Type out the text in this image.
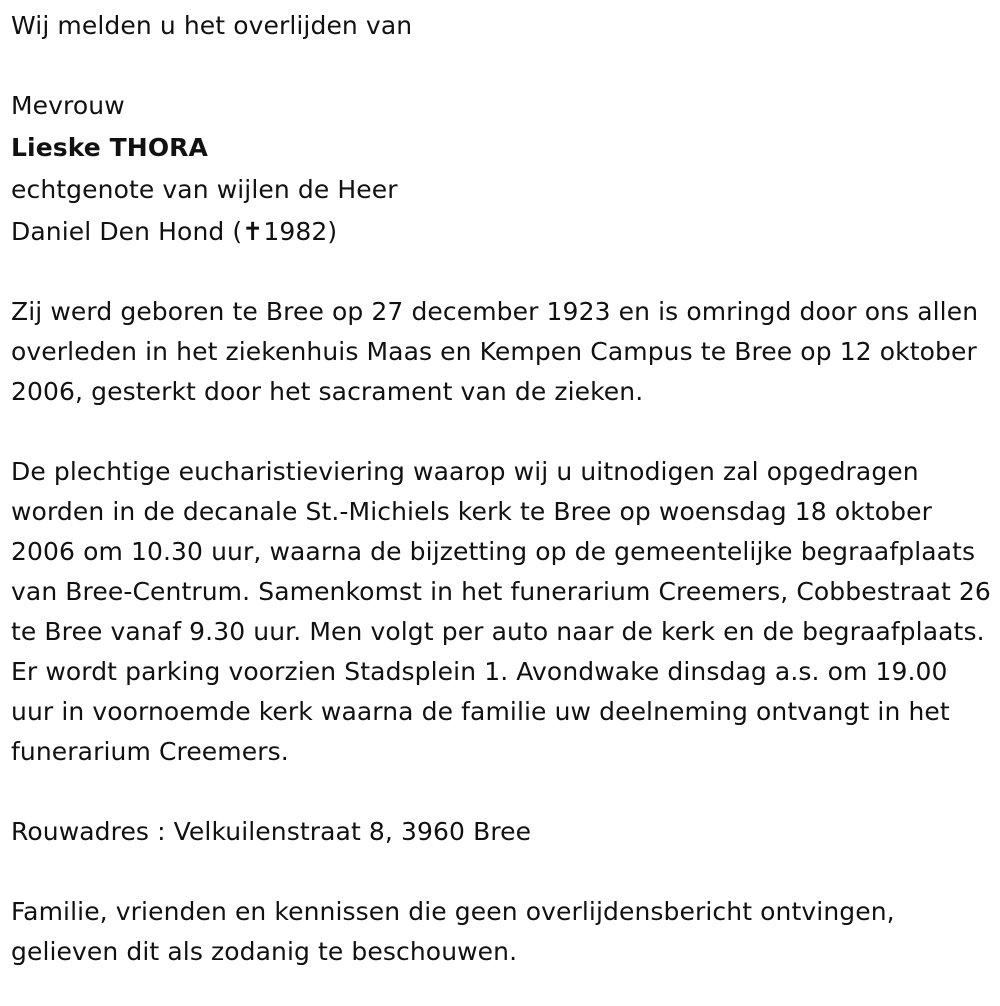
Wij melden u het overlijden van
Mevrouw
Lieske THORA
echtgenote van wijlen de Heer
Daniel Den Hond (✝1982)

Zij werd geboren te Bree op 27 december 1923 en is omringd door ons allen overleden in het ziekenhuis Maas en Kempen Campus te Bree op 12 oktober 2006, gesterkt door het sacrament van de zieken.

De plechtige eucharistieviering waarop wij u uitnodigen zal opgedragen worden in de decanale St.-Michiels kerk te Bree op woensdag 18 oktober 2006 om 10.30 uur, waarna de bijzetting op de gemeentelijke begraafplaats van Bree-Centrum. Samenkomst in het funerarium Creemers, Cobbestraat 26 te Bree vanaf 9.30 uur. Men volgt per auto naar de kerk en de begraafplaats. Er wordt parking voorzien Stadsplein 1. Avondwake dinsdag a.s. om 19.00 uur in voornoemde kerk waarna de familie uw deelneming ontvangt in het funerarium Creemers.

Rouwadres : Velkuilenstraat 8, 3960 Bree

Familie, vrienden en kennissen die geen overlijdensbericht ontvingen, gelieven dit als zodanig te beschouwen.
